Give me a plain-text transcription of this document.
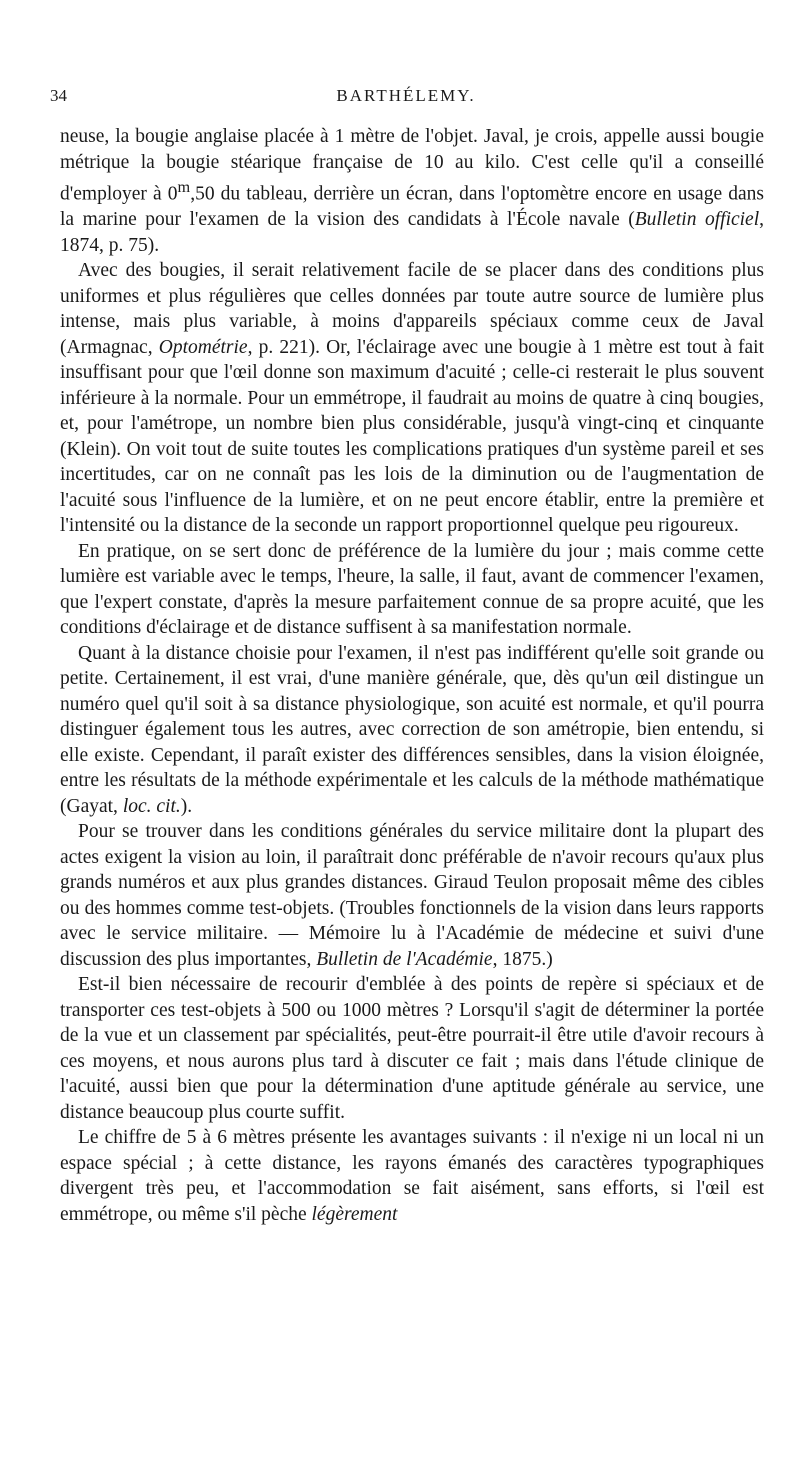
34	BARTHÉLEMY.

neuse, la bougie anglaise placée à 1 mètre de l'objet. Javal, je crois, appelle aussi bougie métrique la bougie stéarique française de 10 au kilo. C'est celle qu'il a conseillé d'employer à 0$^m$,50 du tableau, derrière un écran, dans l'optomètre encore en usage dans la marine pour l'examen de la vision des candidats à l'École navale (Bulletin officiel, 1874, p. 75).

Avec des bougies, il serait relativement facile de se placer dans des conditions plus uniformes et plus régulières que celles données par toute autre source de lumière plus intense, mais plus variable, à moins d'appareils spéciaux comme ceux de Javal (Armagnac, Optométrie, p. 221). Or, l'éclairage avec une bougie à 1 mètre est tout à fait insuffisant pour que l'œil donne son maximum d'acuité ; celle-ci resterait le plus souvent inférieure à la normale. Pour un emmétrope, il faudrait au moins de quatre à cinq bougies, et, pour l'amétrope, un nombre bien plus considérable, jusqu'à vingt-cinq et cinquante (Klein). On voit tout de suite toutes les complications pratiques d'un système pareil et ses incertitudes, car on ne connaît pas les lois de la diminution ou de l'augmentation de l'acuité sous l'influence de la lumière, et on ne peut encore établir, entre la première et l'intensité ou la distance de la seconde un rapport proportionnel quelque peu rigoureux.

En pratique, on se sert donc de préférence de la lumière du jour ; mais comme cette lumière est variable avec le temps, l'heure, la salle, il faut, avant de commencer l'examen, que l'expert constate, d'après la mesure parfaitement connue de sa propre acuité, que les conditions d'éclairage et de distance suffisent à sa manifestation normale.

Quant à la distance choisie pour l'examen, il n'est pas indifférent qu'elle soit grande ou petite. Certainement, il est vrai, d'une manière générale, que, dès qu'un œil distingue un numéro quel qu'il soit à sa distance physiologique, son acuité est normale, et qu'il pourra distinguer également tous les autres, avec correction de son amétropie, bien entendu, si elle existe. Cependant, il paraît exister des différences sensibles, dans la vision éloignée, entre les résultats de la méthode expérimentale et les calculs de la méthode mathématique (Gayat, loc. cit.).

Pour se trouver dans les conditions générales du service militaire dont la plupart des actes exigent la vision au loin, il paraîtrait donc préférable de n'avoir recours qu'aux plus grands numéros et aux plus grandes distances. Giraud Teulon proposait même des cibles ou des hommes comme test-objets. (Troubles fonctionnels de la vision dans leurs rapports avec le service militaire. — Mémoire lu à l'Académie de médecine et suivi d'une discussion des plus importantes, Bulletin de l'Académie, 1875.)

Est-il bien nécessaire de recourir d'emblée à des points de repère si spéciaux et de transporter ces test-objets à 500 ou 1000 mètres ? Lorsqu'il s'agit de déterminer la portée de la vue et un classement par spécialités, peut-être pourrait-il être utile d'avoir recours à ces moyens, et nous aurons plus tard à discuter ce fait ; mais dans l'étude clinique de l'acuité, aussi bien que pour la détermination d'une aptitude générale au service, une distance beaucoup plus courte suffit.

Le chiffre de 5 à 6 mètres présente les avantages suivants : il n'exige ni un local ni un espace spécial ; à cette distance, les rayons émanés des caractères typographiques divergent très peu, et l'accommodation se fait aisément, sans efforts, si l'œil est emmétrope, ou même s'il pèche légèrement
